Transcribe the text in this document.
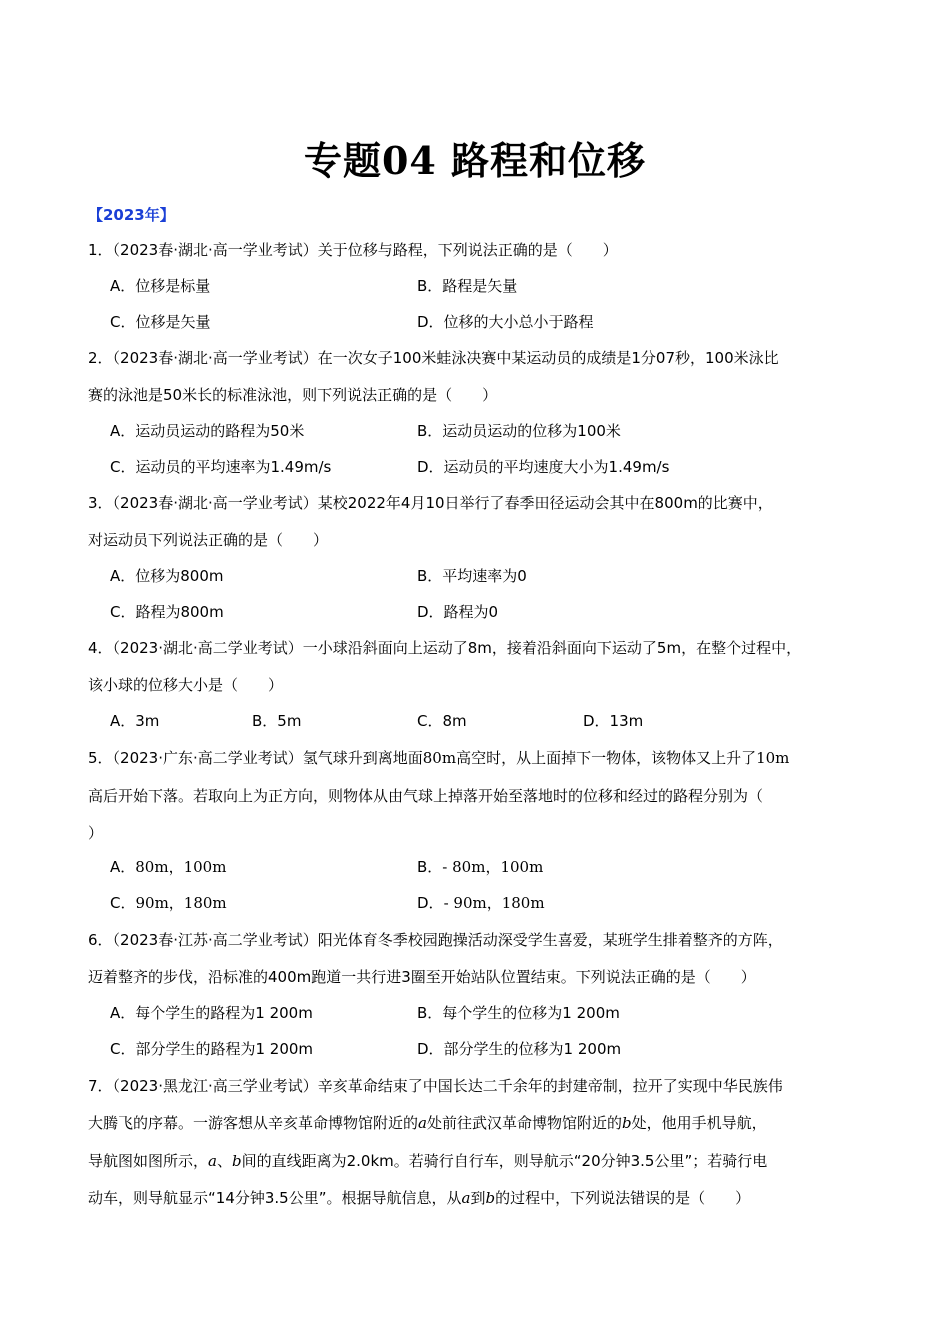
专题04 路程和位移
【2023年】
1．（2023春·湖北·高一学业考试）关于位移与路程，下列说法正确的是（　　）
A．位移是标量	B．路程是矢量
C．位移是矢量	D．位移的大小总小于路程
2．（2023春·湖北·高一学业考试）在一次女子100米蛙泳决赛中某运动员的成绩是1分07秒，100米泳比
赛的泳池是50米长的标准泳池，则下列说法正确的是（　　）
A．运动员运动的路程为50米	B．运动员运动的位移为100米
C．运动员的平均速率为1.49m/s	D．运动员的平均速度大小为1.49m/s
3．（2023春·湖北·高一学业考试）某校2022年4月10日举行了春季田径运动会其中在800m的比赛中，
对运动员下列说法正确的是（　　）
A．位移为800m	B．平均速率为0
C．路程为800m	D．路程为0
4．（2023·湖北·高二学业考试）一小球沿斜面向上运动了8m，接着沿斜面向下运动了5m，在整个过程中，
该小球的位移大小是（　　）
A．3m	B．5m	C．8m	D．13m
5．（2023·广东·高二学业考试）氢气球升到离地面80m高空时，从上面掉下一物体，该物体又上升了10m
高后开始下落。若取向上为正方向，则物体从由气球上掉落开始至落地时的位移和经过的路程分别为（
）
A．80m，100m	B．- 80m，100m
C．90m，180m	D．- 90m，180m
6．（2023春·江苏·高二学业考试）阳光体育冬季校园跑操活动深受学生喜爱，某班学生排着整齐的方阵，
迈着整齐的步伐，沿标准的400m跑道一共行进3圈至开始站队位置结束。下列说法正确的是（　　）
A．每个学生的路程为1 200m	B．每个学生的位移为1 200m
C．部分学生的路程为1 200m	D．部分学生的位移为1 200m
7．（2023·黑龙江·高三学业考试）辛亥革命结束了中国长达二千余年的封建帝制，拉开了实现中华民族伟
大腾飞的序幕。一游客想从辛亥革命博物馆附近的a处前往武汉革命博物馆附近的b处，他用手机导航，
导航图如图所示，a、b间的直线距离为2.0km。若骑行自行车，则导航示“20分钟3.5公里”；若骑行电
动车，则导航显示“14分钟3.5公里”。根据导航信息，从a到b的过程中，下列说法错误的是（　　）
